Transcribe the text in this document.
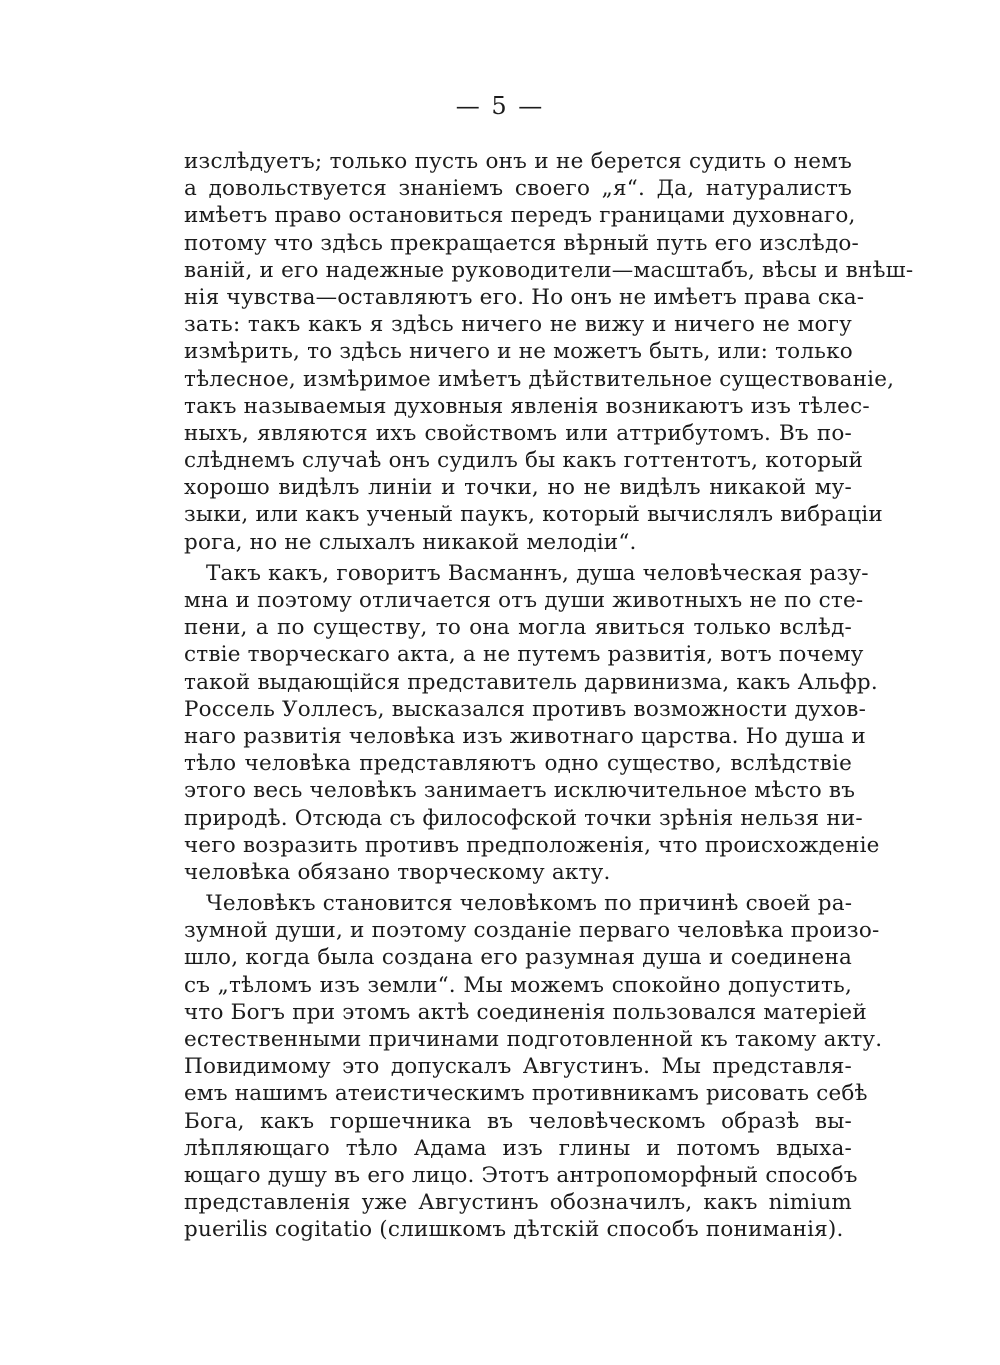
— 5 —
изслѣдуетъ; только пусть онъ и не берется судить о немъ
а довольствуется знаніемъ своего „я“. Да, натуралистъ
имѣетъ право остановиться передъ границами духовнаго,
потому что здѣсь прекращается вѣрный путь его изслѣдо-
ваній, и его надежные руководители—масштабъ, вѣсы и внѣш-
нія чувства—оставляютъ его. Но онъ не имѣетъ права ска-
зать: такъ какъ я здѣсь ничего не вижу и ничего не могу
измѣрить, то здѣсь ничего и не можетъ быть, или: только
тѣлесное, измѣримое имѣетъ дѣйствительное существованіе,
такъ называемыя духовныя явленія возникаютъ изъ тѣлес-
ныхъ, являются ихъ свойствомъ или аттрибутомъ. Въ по-
слѣднемъ случаѣ онъ судилъ бы какъ готтентотъ, который
хорошо видѣлъ линіи и точки, но не видѣлъ никакой му-
зыки, или какъ ученый паукъ, который вычислялъ вибраціи
рога, но не слыхалъ никакой мелодіи“.
Такъ какъ, говоритъ Васманнъ, душа человѣческая разу-
мна и поэтому отличается отъ души животныхъ не по сте-
пени, а по существу, то она могла явиться только вслѣд-
ствіе творческаго акта, а не путемъ развитія, вотъ почему
такой выдающійся представитель дарвинизма, какъ Альфр.
Россель Уоллесъ, высказался противъ возможности духов-
наго развитія человѣка изъ животнаго царства. Но душа и
тѣло человѣка представляютъ одно существо, вслѣдствіе
этого весь человѣкъ занимаетъ исключительное мѣсто въ
природѣ. Отсюда съ философской точки зрѣнія нельзя ни-
чего возразить противъ предположенія, что происхожденіе
человѣка обязано творческому акту.
Человѣкъ становится человѣкомъ по причинѣ своей ра-
зумной души, и поэтому созданіе перваго человѣка произо-
шло, когда была создана его разумная душа и соединена
съ „тѣломъ изъ земли“. Мы можемъ спокойно допустить,
что Богъ при этомъ актѣ соединенія пользовался матеріей
естественными причинами подготовленной къ такому акту.
Повидимому это допускалъ Августинъ. Мы представля-
емъ нашимъ атеистическимъ противникамъ рисовать себѣ
Бога, какъ горшечника въ человѣческомъ образѣ вы-
лѣпляющаго тѣло Адама изъ глины и потомъ вдыха-
ющаго душу въ его лицо. Этотъ антропоморфный способъ
представленія уже Августинъ обозначилъ, какъ nimium
puerilis cogitatio (слишкомъ дѣтскій способъ пониманія).
